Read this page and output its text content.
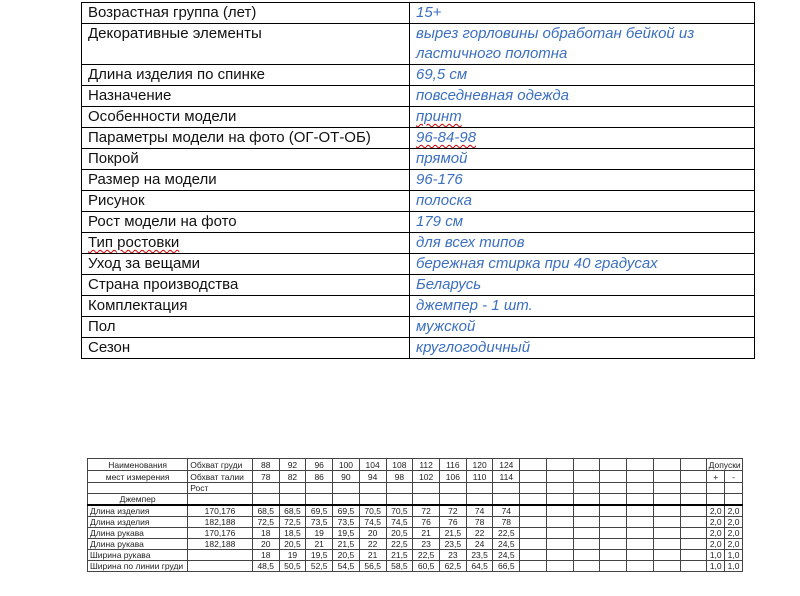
Возрастная группа (лет)	15+
Декоративные элементы	вырез горловины обработан бейкой из ластичного полотна
Длина изделия по спинке	69,5 см
Назначение	повседневная одежда
Особенности модели	принт
Параметры модели на фото (ОГ-ОТ-ОБ)	96-84-98
Покрой	прямой
Размер на модели	96-176
Рисунок	полоска
Рост модели на фото	179 см
Тип ростовки	для всех типов
Уход за вещами	бережная стирка при 40 градусах
Страна производства	Беларусь
Комплектация	джемпер - 1 шт.
Пол	мужской
Сезон	круглогодичный
Наименования	Обхват груди	88	92	96	100	104	108	112	116	120	124								Допуски	
мест измерения	Обхват талии	78	82	86	90	94	98	102	106	110	114								+	-
	Рост																			
Джемпер																				
Длина изделия	170,176	68,5	68,5	69,5	69,5	70,5	70,5	72	72	74	74								2,0	2,0
Длина изделия	182,188	72,5	72,5	73,5	73,5	74,5	74,5	76	76	78	78								2,0	2,0
Длина рукава	170,176	18	18,5	19	19,5	20	20,5	21	21,5	22	22,5								2,0	2,0
Длина рукава	182,188	20	20,5	21	21,5	22	22,5	23	23,5	24	24,5								2,0	2,0
Ширина рукава		18	19	19,5	20,5	21	21,5	22,5	23	23,5	24,5								1,0	1,0
Ширина по линии груди		48,5	50,5	52,5	54,5	56,5	58,5	60,5	62,5	64,5	66,5								1,0	1,0
